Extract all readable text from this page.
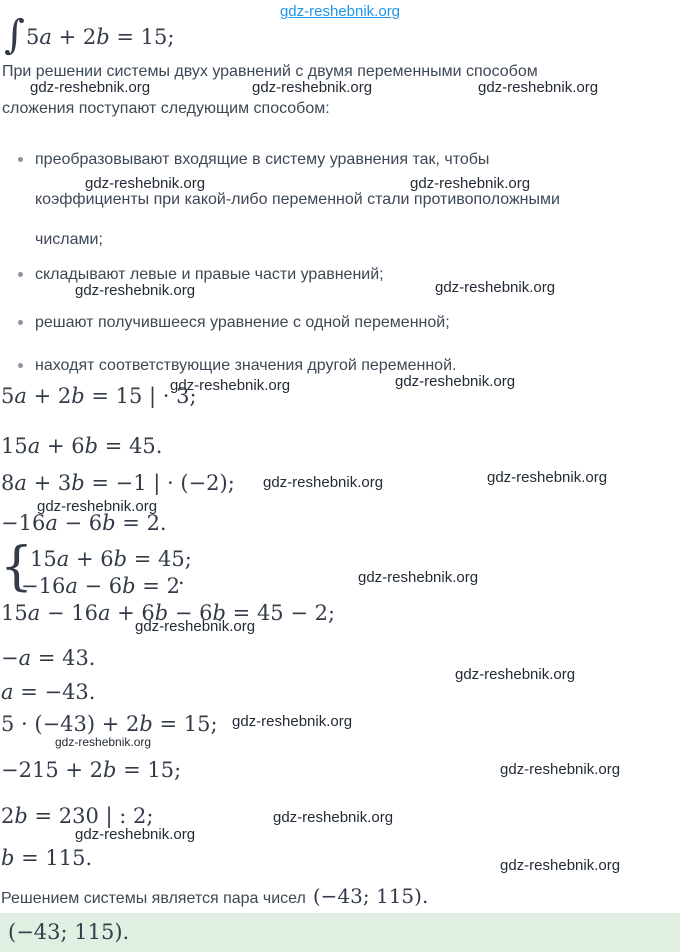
gdz-reshebnik.org
∫ 5a + 2b = 15;
При решении системы двух уравнений с двумя переменными способом
сложения поступают следующим способом:
преобразовывают входящие в систему уравнения так, чтобы
коэффициенты при какой-либо переменной стали противоположными
числами;
складывают левые и правые части уравнений;
решают получившееся уравнение с одной переменной;
находят соответствующие значения другой переменной.
5a + 2b = 15 | · 3;
15a + 6b = 45.
8a + 3b = −1 | · (−2);
−16a − 6b = 2.
{
15a + 6b = 45;
−16a − 6b = 2
.
15a − 16a + 6b − 6b = 45 − 2;
−a = 43.
a = −43.
5 · (−43) + 2b = 15;
−215 + 2b = 15;
2b = 230 | : 2;
b = 115.
Решением системы является пара чисел (−43; 115).
(−43; 115).
gdz-reshebnik.org	gdz-reshebnik.org	gdz-reshebnik.org
gdz-reshebnik.org	gdz-reshebnik.org
gdz-reshebnik.org	gdz-reshebnik.org
gdz-reshebnik.org	gdz-reshebnik.org
gdz-reshebnik.org	gdz-reshebnik.org
gdz-reshebnik.org
gdz-reshebnik.org
gdz-reshebnik.org
gdz-reshebnik.org
gdz-reshebnik.org
gdz-reshebnik.org
gdz-reshebnik.org
gdz-reshebnik.org
gdz-reshebnik.org
gdz-reshebnik.org
